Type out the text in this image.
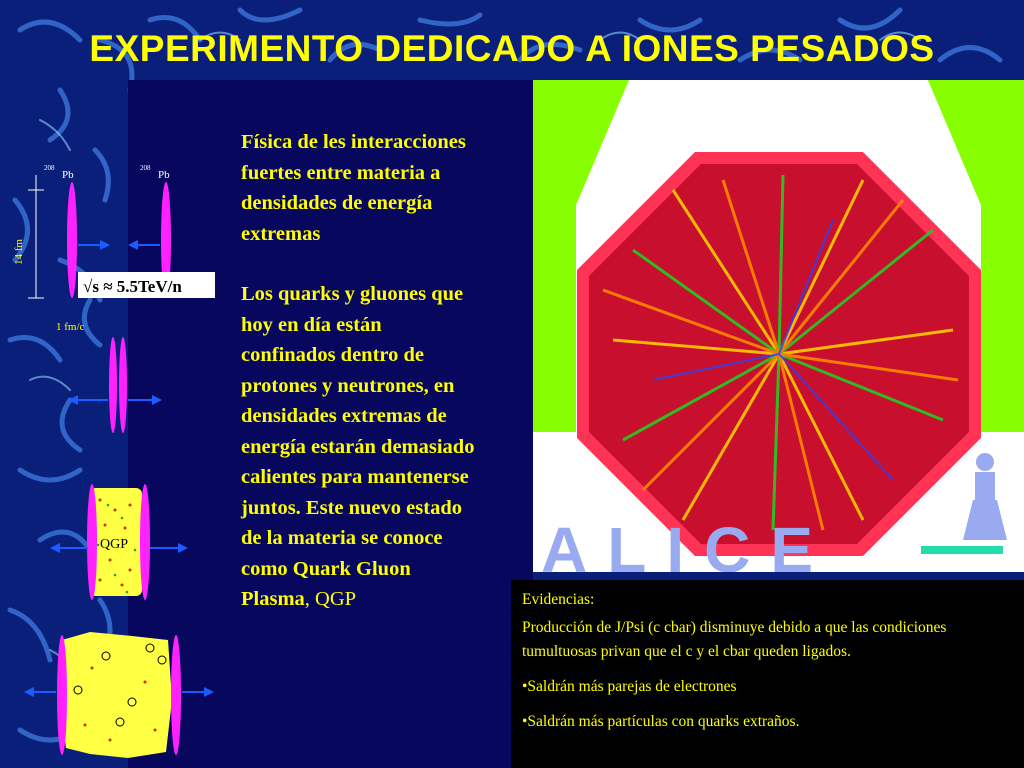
EXPERIMENTO DEDICADO A IONES PESADOS
14 fm
208
Pb
208
Pb
√s ≈ 5.5TeV/n
1 fm/c
QGP

Física de les interacciones fuertes entre materia a densidades de energía extremas

Los quarks y gluones que hoy en día están confinados dentro de protones y neutrones, en densidades extremas de energía estarán demasiado calientes para mantenerse juntos. Este nuevo estado de la materia se conoce como Quark Gluon Plasma, QGP

ALICE

Evidencias:

Producción de J/Psi (c cbar) disminuye debido a que las condiciones tumultuosas privan que el c y el cbar queden ligados.

•Saldrán más parejas de electrones

•Saldrán más partículas con quarks extraños.
